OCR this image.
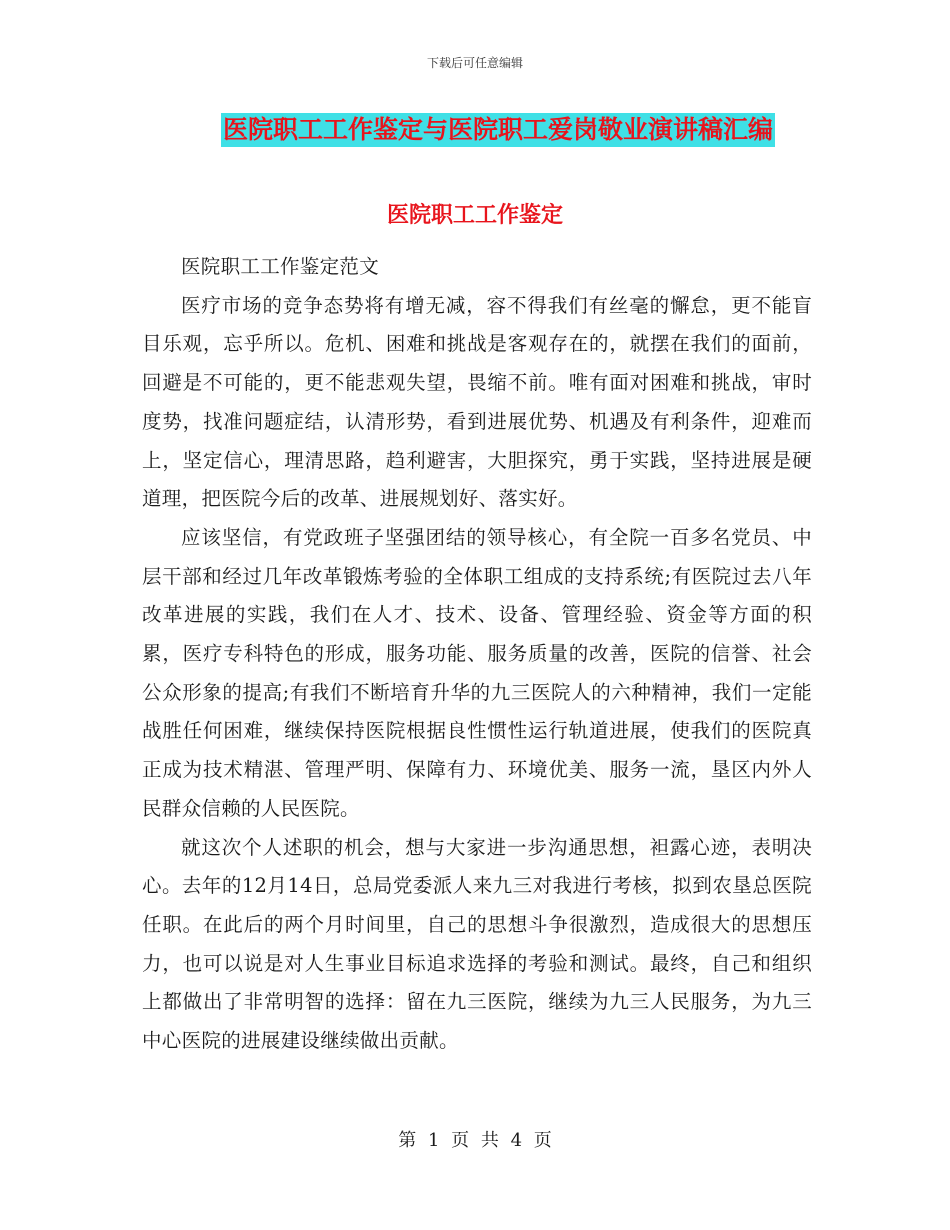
下载后可任意编辑
医院职工工作鉴定与医院职工爱岗敬业演讲稿汇编
医院职工工作鉴定

医院职工工作鉴定范文

医疗市场的竞争态势将有增无减，容不得我们有丝毫的懈怠，更不能盲目乐观，忘乎所以。危机、困难和挑战是客观存在的，就摆在我们的面前，回避是不可能的，更不能悲观失望，畏缩不前。唯有面对困难和挑战，审时度势，找准问题症结，认清形势，看到进展优势、机遇及有利条件，迎难而上，坚定信心，理清思路，趋利避害，大胆探究，勇于实践，坚持进展是硬道理，把医院今后的改革、进展规划好、落实好。

应该坚信，有党政班子坚强团结的领导核心，有全院一百多名党员、中层干部和经过几年改革锻炼考验的全体职工组成的支持系统;有医院过去八年改革进展的实践，我们在人才、技术、设备、管理经验、资金等方面的积累，医疗专科特色的形成，服务功能、服务质量的改善，医院的信誉、社会公众形象的提高;有我们不断培育升华的九三医院人的六种精神，我们一定能战胜任何困难，继续保持医院根据良性惯性运行轨道进展，使我们的医院真正成为技术精湛、管理严明、保障有力、环境优美、服务一流，垦区内外人民群众信赖的人民医院。

就这次个人述职的机会，想与大家进一步沟通思想，袒露心迹，表明决心。去年的12月14日，总局党委派人来九三对我进行考核，拟到农垦总医院任职。在此后的两个月时间里，自己的思想斗争很激烈，造成很大的思想压力，也可以说是对人生事业目标追求选择的考验和测试。最终，自己和组织上都做出了非常明智的选择：留在九三医院，继续为九三人民服务，为九三中心医院的进展建设继续做出贡献。

第 1 页 共 4 页
